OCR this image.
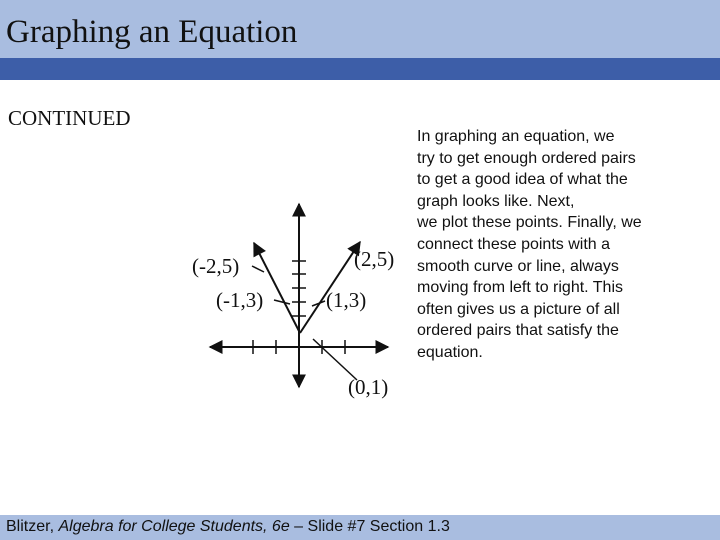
Graphing an Equation
CONTINUED
(-2,5)
(-1,3)
(2,5)
(1,3)
(0,1)
In graphing an equation, we
try to get enough ordered pairs
to get a good idea of what the
graph looks like. Next,
we plot these points. Finally, we
connect these points with a
smooth curve or line, always
moving from left to right. This
often gives us a picture of all
ordered pairs that satisfy the
equation.
Blitzer, Algebra for College Students, 6e – Slide #7 Section 1.3
